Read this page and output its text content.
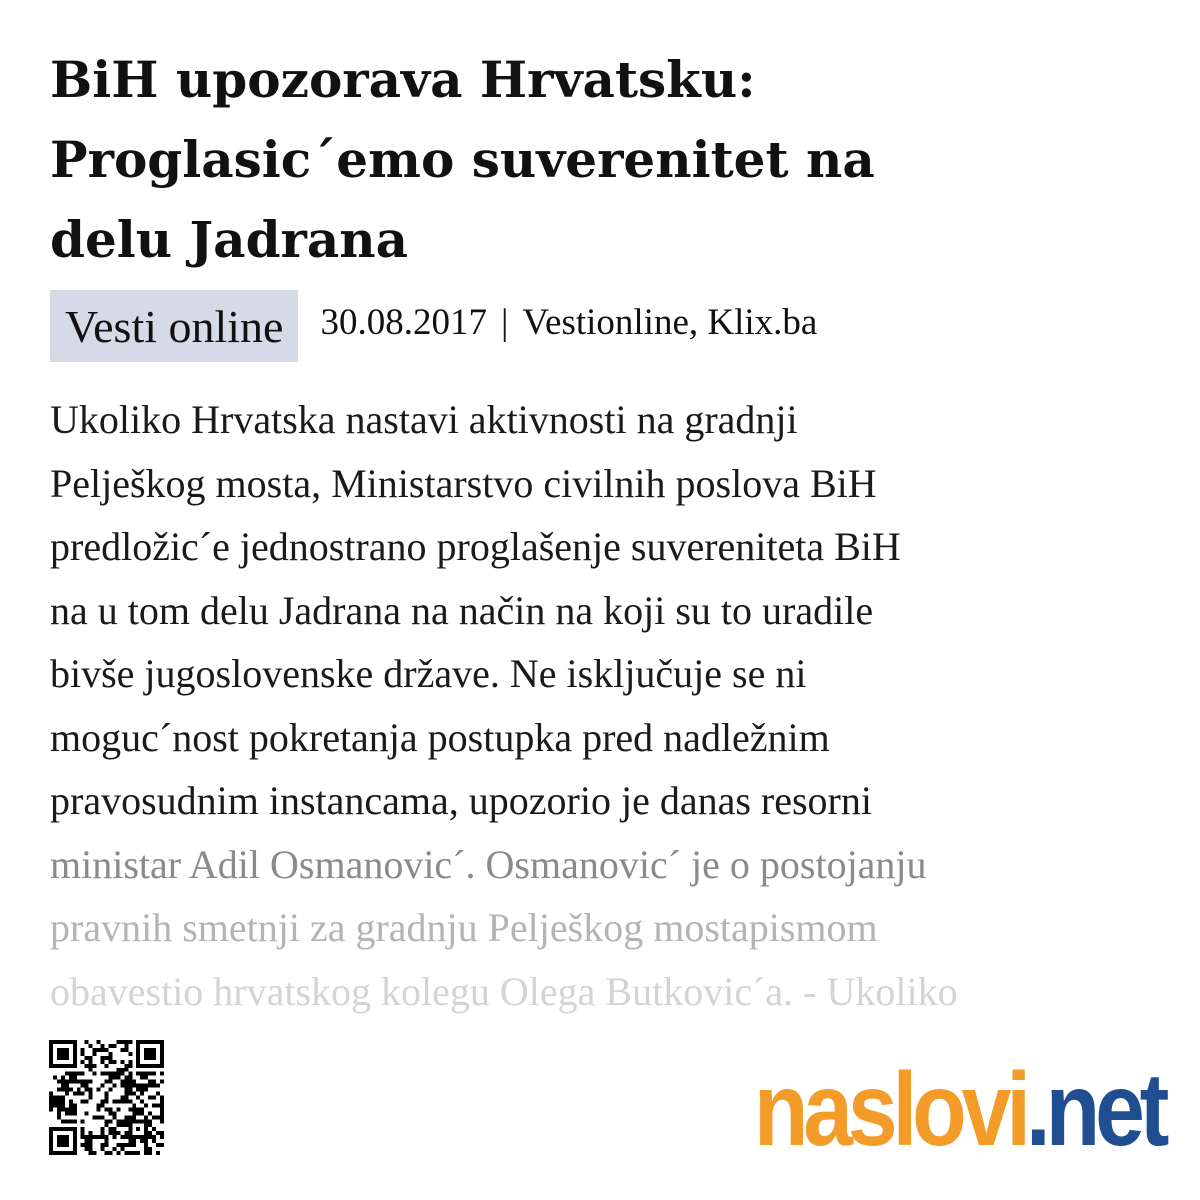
BiH upozorava Hrvatsku:
Proglasic´emo suverenitet na
delu Jadrana
Vesti online	30.08.2017 | Vestionline, Klix.ba
Ukoliko Hrvatska nastavi aktivnosti na gradnji
Pelješkog mosta, Ministarstvo civilnih poslova BiH
predložic´e jednostrano proglašenje suvereniteta BiH
na u tom delu Jadrana na način na koji su to uradile
bivše jugoslovenske države. Ne isključuje se ni
moguc´nost pokretanja postupka pred nadležnim
pravosudnim instancama, upozorio je danas resorni
ministar Adil Osmanovic´. Osmanovic´ je o postojanju
pravnih smetnji za gradnju Pelješkog mostapismom
obavestio hrvatskog kolegu Olega Butkovic´a. - Ukoliko
naslovi.net
